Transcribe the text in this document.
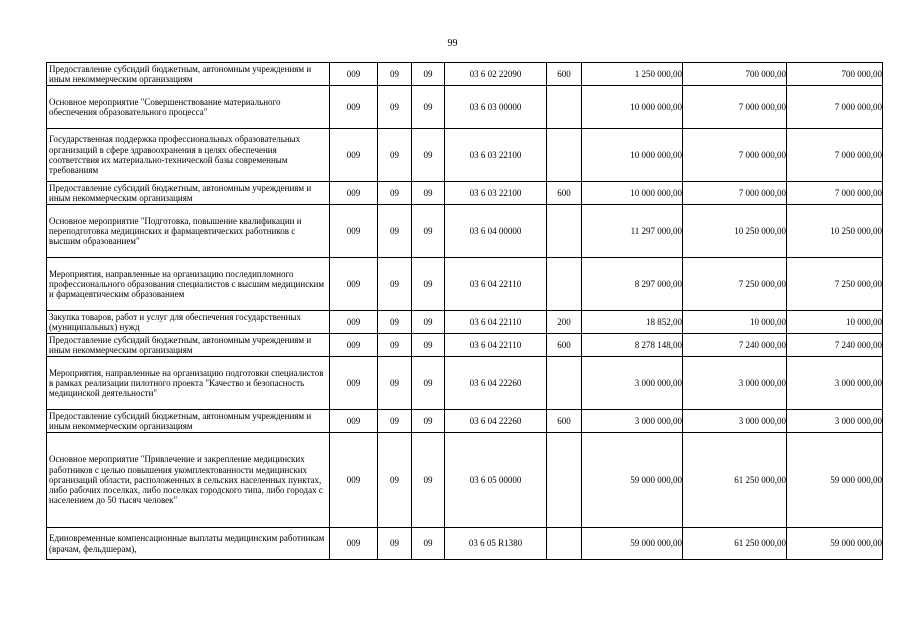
99
Предоставление субсидий бюджетным, автономным учреждениям и иным некоммерческим организациям	009	09	09	03 6 02 22090	600	1 250 000,00	700 000,00	700 000,00
Основное мероприятие "Совершенствование материального обеспечения образовательного процесса"	009	09	09	03 6 03 00000		10 000 000,00	7 000 000,00	7 000 000,00
Государственная поддержка профессиональных образовательных организаций в сфере здравоохранения в целях обеспечения соответствия их материально-технической базы современным требованиям	009	09	09	03 6 03 22100		10 000 000,00	7 000 000,00	7 000 000,00
Предоставление субсидий бюджетным, автономным учреждениям и иным некоммерческим организациям	009	09	09	03 6 03 22100	600	10 000 000,00	7 000 000,00	7 000 000,00
Основное мероприятие "Подготовка, повышение квалификации и переподготовка медицинских и фармацевтических работников с высшим образованием"	009	09	09	03 6 04 00000		11 297 000,00	10 250 000,00	10 250 000,00
Мероприятия, направленные на организацию последипломного профессионального образования специалистов с высшим медицинским и фармацевтическим образованием	009	09	09	03 6 04 22110		8 297 000,00	7 250 000,00	7 250 000,00
Закупка товаров, работ и услуг для обеспечения государственных (муниципальных) нужд	009	09	09	03 6 04 22110	200	18 852,00	10 000,00	10 000,00
Предоставление субсидий бюджетным, автономным учреждениям и иным некоммерческим организациям	009	09	09	03 6 04 22110	600	8 278 148,00	7 240 000,00	7 240 000,00
Мероприятия, направленные на организацию подготовки специалистов в рамках реализации пилотного проекта "Качество и безопасность медицинской деятельности"	009	09	09	03 6 04 22260		3 000 000,00	3 000 000,00	3 000 000,00
Предоставление субсидий бюджетным, автономным учреждениям и иным некоммерческим организациям	009	09	09	03 6 04 22260	600	3 000 000,00	3 000 000,00	3 000 000,00
Основное мероприятие "Привлечение и закрепление медицинских работников с целью повышения укомплектованности медицинских организаций области, расположенных в сельских населенных пунктах, либо рабочих поселках, либо поселках городского типа, либо городах с населением до 50 тысяч человек"	009	09	09	03 6 05 00000		59 000 000,00	61 250 000,00	59 000 000,00
Единовременные компенсационные выплаты медицинским работникам (врачам, фельдшерам),	009	09	09	03 6 05 R1380		59 000 000,00	61 250 000,00	59 000 000,00
